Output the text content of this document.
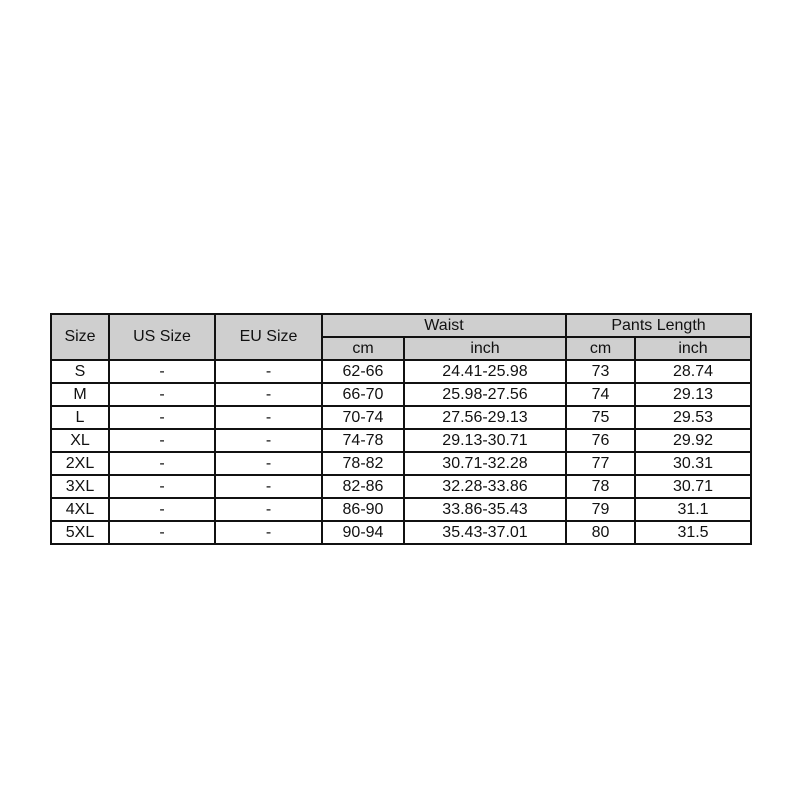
Size	US Size	EU Size	Waist		Pants Length	
			cm	inch	cm	inch
S	-	-	62-66	24.41-25.98	73	28.74
M	-	-	66-70	25.98-27.56	74	29.13
L	-	-	70-74	27.56-29.13	75	29.53
XL	-	-	74-78	29.13-30.71	76	29.92
2XL	-	-	78-82	30.71-32.28	77	30.31
3XL	-	-	82-86	32.28-33.86	78	30.71
4XL	-	-	86-90	33.86-35.43	79	31.1
5XL	-	-	90-94	35.43-37.01	80	31.5
